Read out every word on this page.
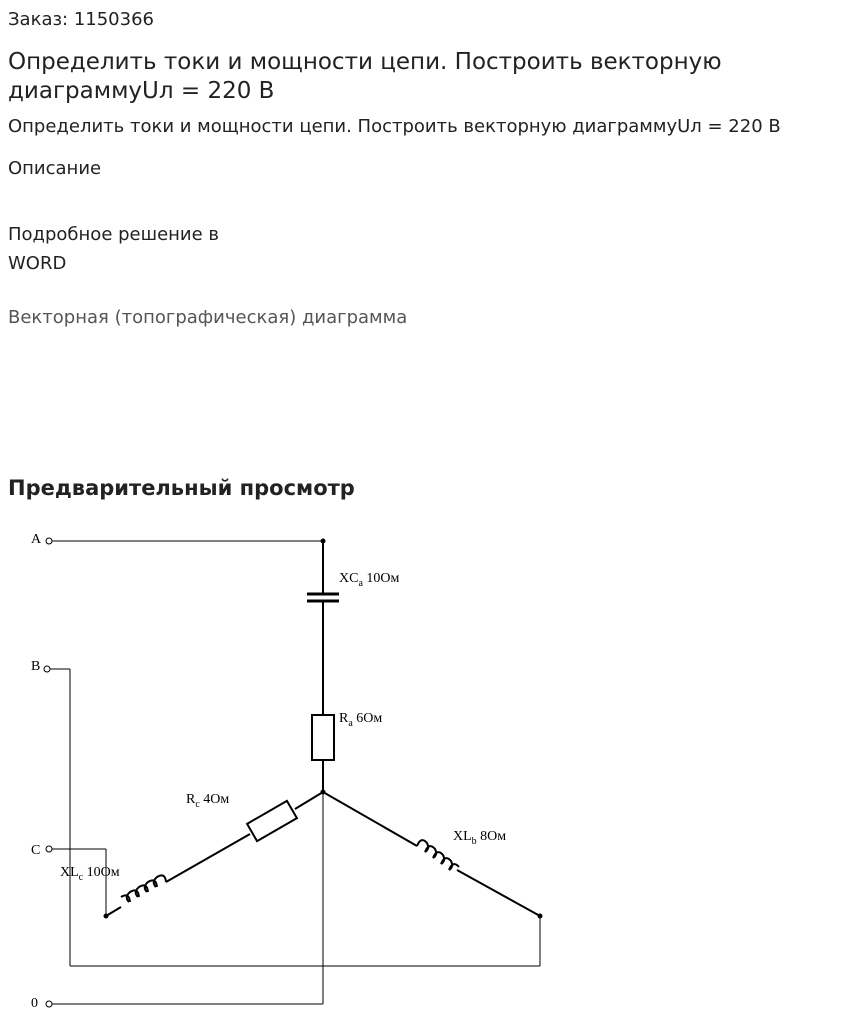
Заказ: 1150366
Определить токи и мощности цепи. Построить векторную диаграммуUл = 220 В
Определить токи и мощности цепи. Построить векторную диаграммуUл = 220 В
Описание
Подробное решение в WORD
Векторная (топографическая) диаграмма
Предварительный просмотр
A
B
C
0
$XC_a$ 10Ом
$R_a$ 6Ом
$R_c$ 4Ом
$XL_c$ 10Ом
$XL_b$ 8Ом
